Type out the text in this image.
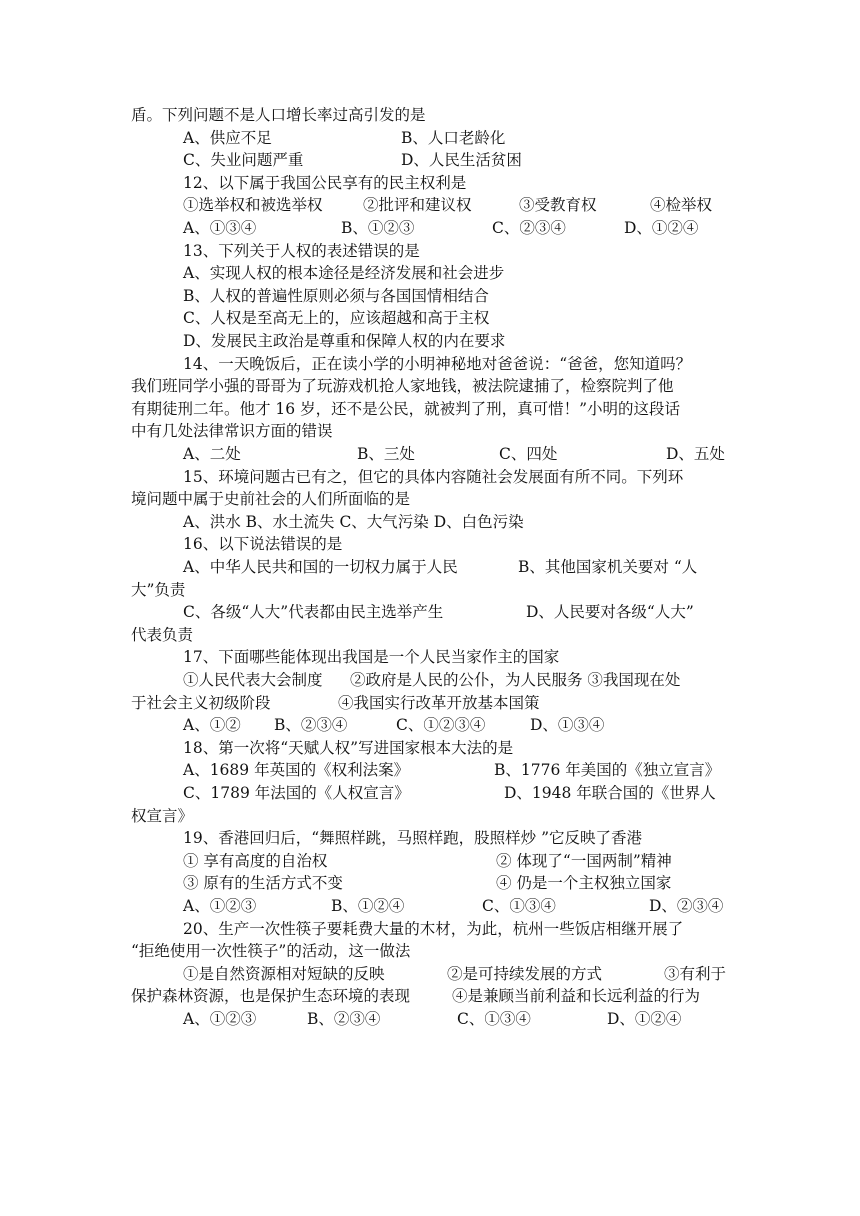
盾。下列问题不是人口增长率过高引发的是
A、供应不足	B、人口老龄化
C、失业问题严重	D、人民生活贫困
12、以下属于我国公民享有的民主权利是
①选举权和被选举权	②批评和建议权	③受教育权	④检举权
A、①③④	B、①②③	C、②③④	D、①②④
13、下列关于人权的表述错误的是
A、实现人权的根本途径是经济发展和社会进步
B、人权的普遍性原则必须与各国国情相结合
C、人权是至高无上的，应该超越和高于主权
D、发展民主政治是尊重和保障人权的内在要求
14、一天晚饭后，正在读小学的小明神秘地对爸爸说：“爸爸，您知道吗？
我们班同学小强的哥哥为了玩游戏机抢人家地钱，被法院逮捕了，检察院判了他
有期徒刑二年。他才 16 岁，还不是公民，就被判了刑，真可惜！”小明的这段话
中有几处法律常识方面的错误
A、二处	B、三处	C、四处	D、五处
15、环境问题古已有之，但它的具体内容随社会发展面有所不同。下列环
境问题中属于史前社会的人们所面临的是
A、洪水 B、水土流失 C、大气污染 D、白色污染
16、以下说法错误的是
A、中华人民共和国的一切权力属于人民	B、其他国家机关要对 “人
大”负责
C、各级“人大”代表都由民主选举产生	D、人民要对各级“人大”
代表负责
17、下面哪些能体现出我国是一个人民当家作主的国家
①人民代表大会制度 ②政府是人民的公仆，为人民服务 ③我国现在处
于社会主义初级阶段	④我国实行改革开放基本国策
A、①② B、②③④	C、①②③④	D、①③④
18、第一次将“天赋人权”写进国家根本大法的是
A、1689 年英国的《权利法案》	B、1776 年美国的《独立宣言》
C、1789 年法国的《人权宣言》	D、1948 年联合国的《世界人
权宣言》
19、香港回归后，“舞照样跳，马照样跑，股照样炒 ”它反映了香港
① 享有高度的自治权	② 体现了“一国两制”精神
③ 原有的生活方式不变	④ 仍是一个主权独立国家
A、①②③	B、①②④	C、①③④	D、②③④
20、生产一次性筷子要耗费大量的木材，为此，杭州一些饭店相继开展了
“拒绝使用一次性筷子”的活动，这一做法
①是自然资源相对短缺的反映	②是可持续发展的方式	③有利于
保护森林资源，也是保护生态环境的表现	④是兼顾当前利益和长远利益的行为
A、①②③	B、②③④	C、①③④	D、①②④
